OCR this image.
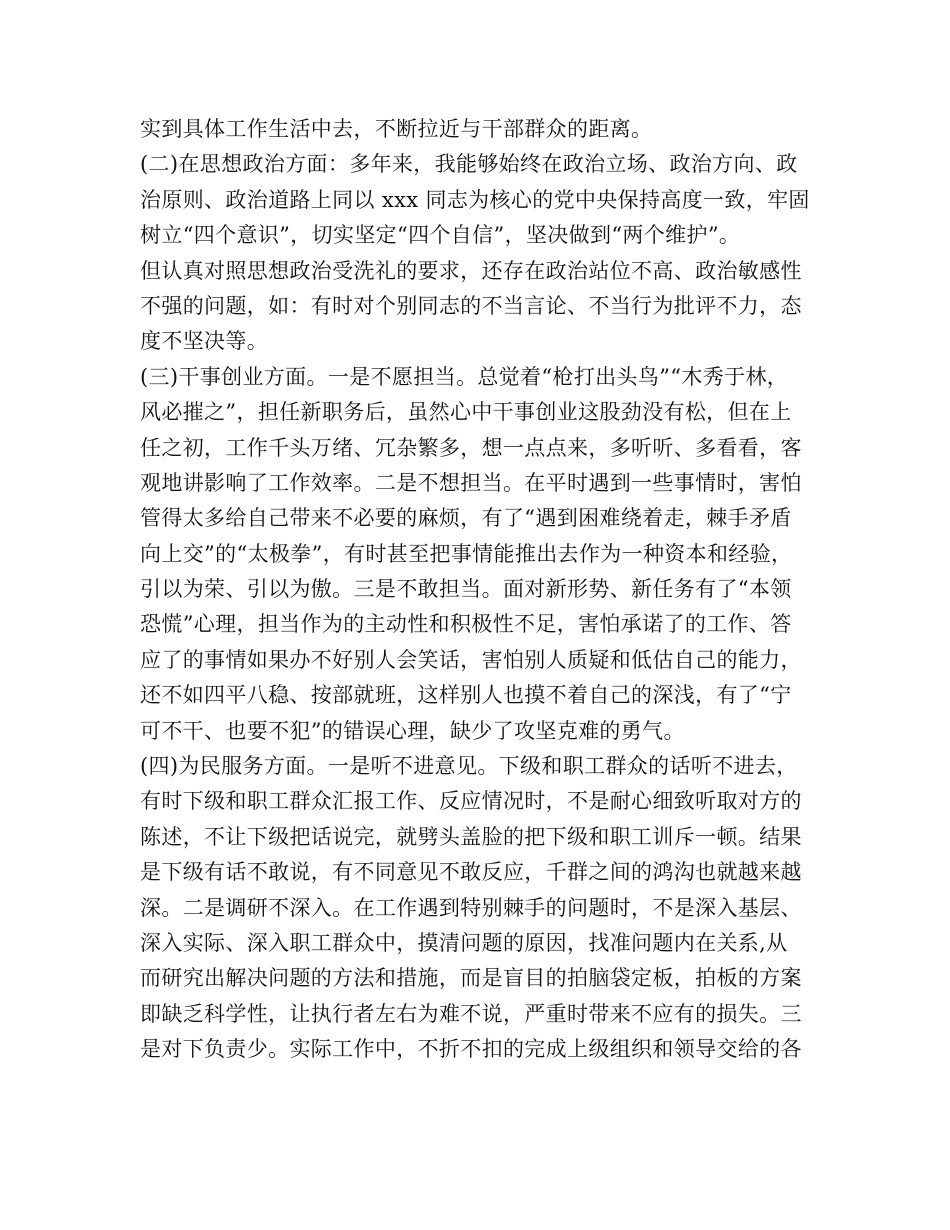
实到具体工作生活中去，不断拉近与干部群众的距离。
(二)在思想政治方面：多年来，我能够始终在政治立场、政治方向、政
治原则、政治道路上同以 xxx 同志为核心的党中央保持高度一致，牢固
树立“四个意识”，切实坚定“四个自信”，坚决做到“两个维护”。
但认真对照思想政治受洗礼的要求，还存在政治站位不高、政治敏感性
不强的问题，如：有时对个别同志的不当言论、不当行为批评不力，态
度不坚决等。
(三)干事创业方面。一是不愿担当。总觉着“枪打出头鸟”“木秀于林，
风必摧之”，担任新职务后，虽然心中干事创业这股劲没有松，但在上
任之初，工作千头万绪、冗杂繁多，想一点点来，多听听、多看看，客
观地讲影响了工作效率。二是不想担当。在平时遇到一些事情时，害怕
管得太多给自己带来不必要的麻烦，有了“遇到困难绕着走，棘手矛盾
向上交”的“太极拳”，有时甚至把事情能推出去作为一种资本和经验，
引以为荣、引以为傲。三是不敢担当。面对新形势、新任务有了“本领
恐慌”心理，担当作为的主动性和积极性不足，害怕承诺了的工作、答
应了的事情如果办不好别人会笑话，害怕别人质疑和低估自己的能力，
还不如四平八稳、按部就班，这样别人也摸不着自己的深浅，有了“宁
可不干、也要不犯”的错误心理，缺少了攻坚克难的勇气。
(四)为民服务方面。一是听不进意见。下级和职工群众的话听不进去，
有时下级和职工群众汇报工作、反应情况时，不是耐心细致听取对方的
陈述，不让下级把话说完，就劈头盖脸的把下级和职工训斥一顿。结果
是下级有话不敢说，有不同意见不敢反应，千群之间的鸿沟也就越来越
深。二是调研不深入。在工作遇到特别棘手的问题时，不是深入基层、
深入实际、深入职工群众中，摸清问题的原因，找准问题内在关系,从
而研究出解决问题的方法和措施，而是盲目的拍脑袋定板，拍板的方案
即缺乏科学性，让执行者左右为难不说，严重时带来不应有的损失。三
是对下负责少。实际工作中，不折不扣的完成上级组织和领导交给的各
